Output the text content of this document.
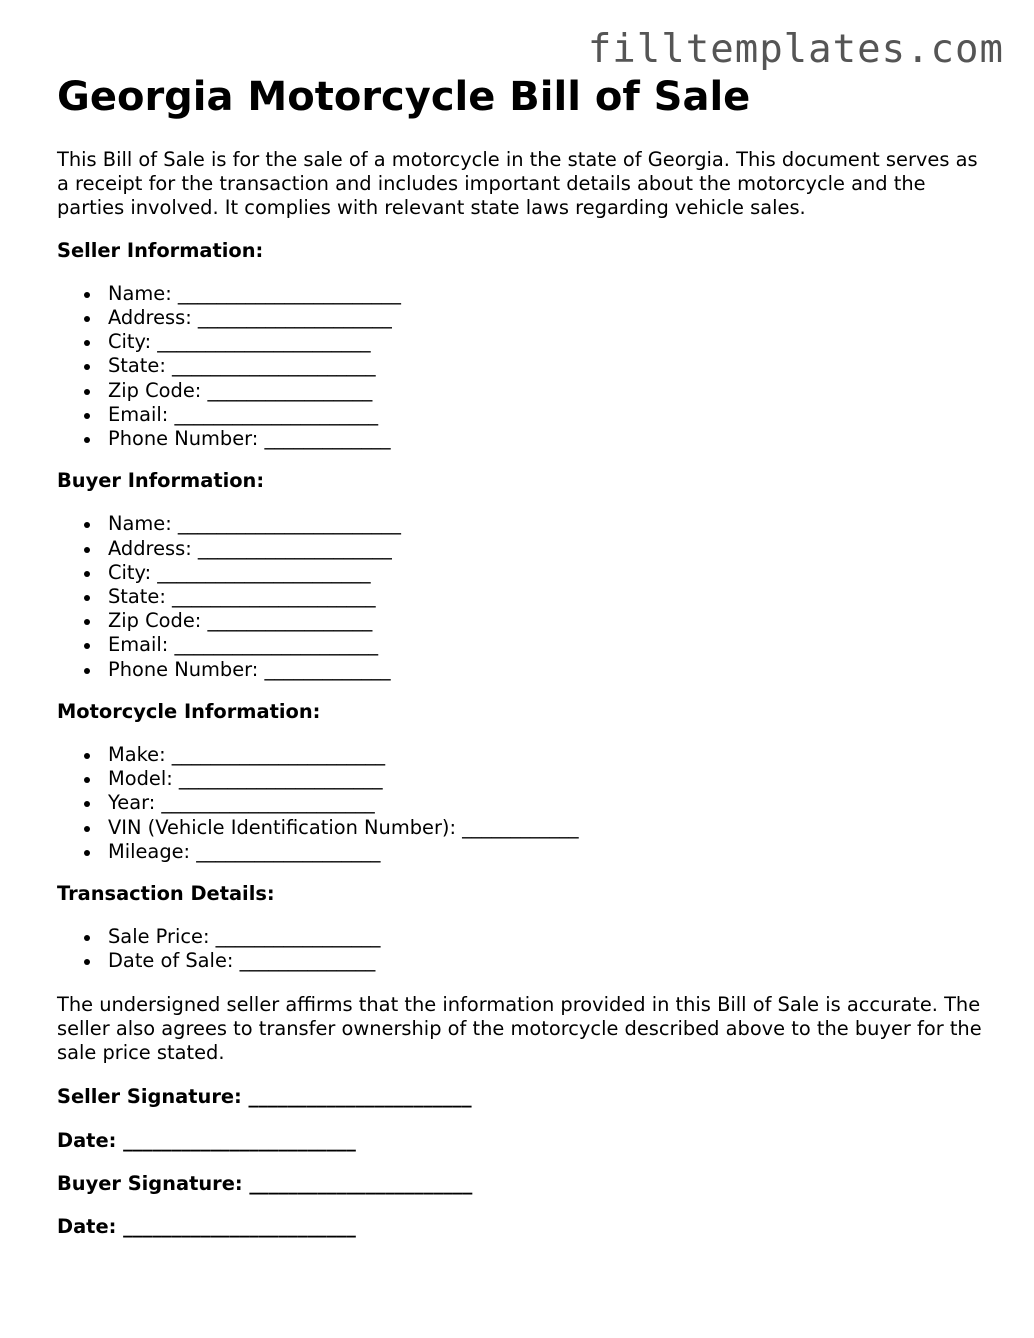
filltemplates.com
Georgia Motorcycle Bill of Sale

This Bill of Sale is for the sale of a motorcycle in the state of Georgia. This document serves as a receipt for the transaction and includes important details about the motorcycle and the parties involved. It complies with relevant state laws regarding vehicle sales.

Seller Information:

Name: _______________________
Address: ____________________
City: ______________________
State: _____________________
Zip Code: _________________
Email: _____________________
Phone Number: _____________

Buyer Information:

Name: _______________________
Address: ____________________
City: ______________________
State: _____________________
Zip Code: _________________
Email: _____________________
Phone Number: _____________

Motorcycle Information:

Make: ______________________
Model: _____________________
Year: ______________________
VIN (Vehicle Identification Number): ____________
Mileage: ___________________

Transaction Details:

Sale Price: _________________
Date of Sale: ______________

The undersigned seller affirms that the information provided in this Bill of Sale is accurate. The seller also agrees to transfer ownership of the motorcycle described above to the buyer for the sale price stated.

Seller Signature: _______________________

Date: ________________________

Buyer Signature: _______________________

Date: ________________________
